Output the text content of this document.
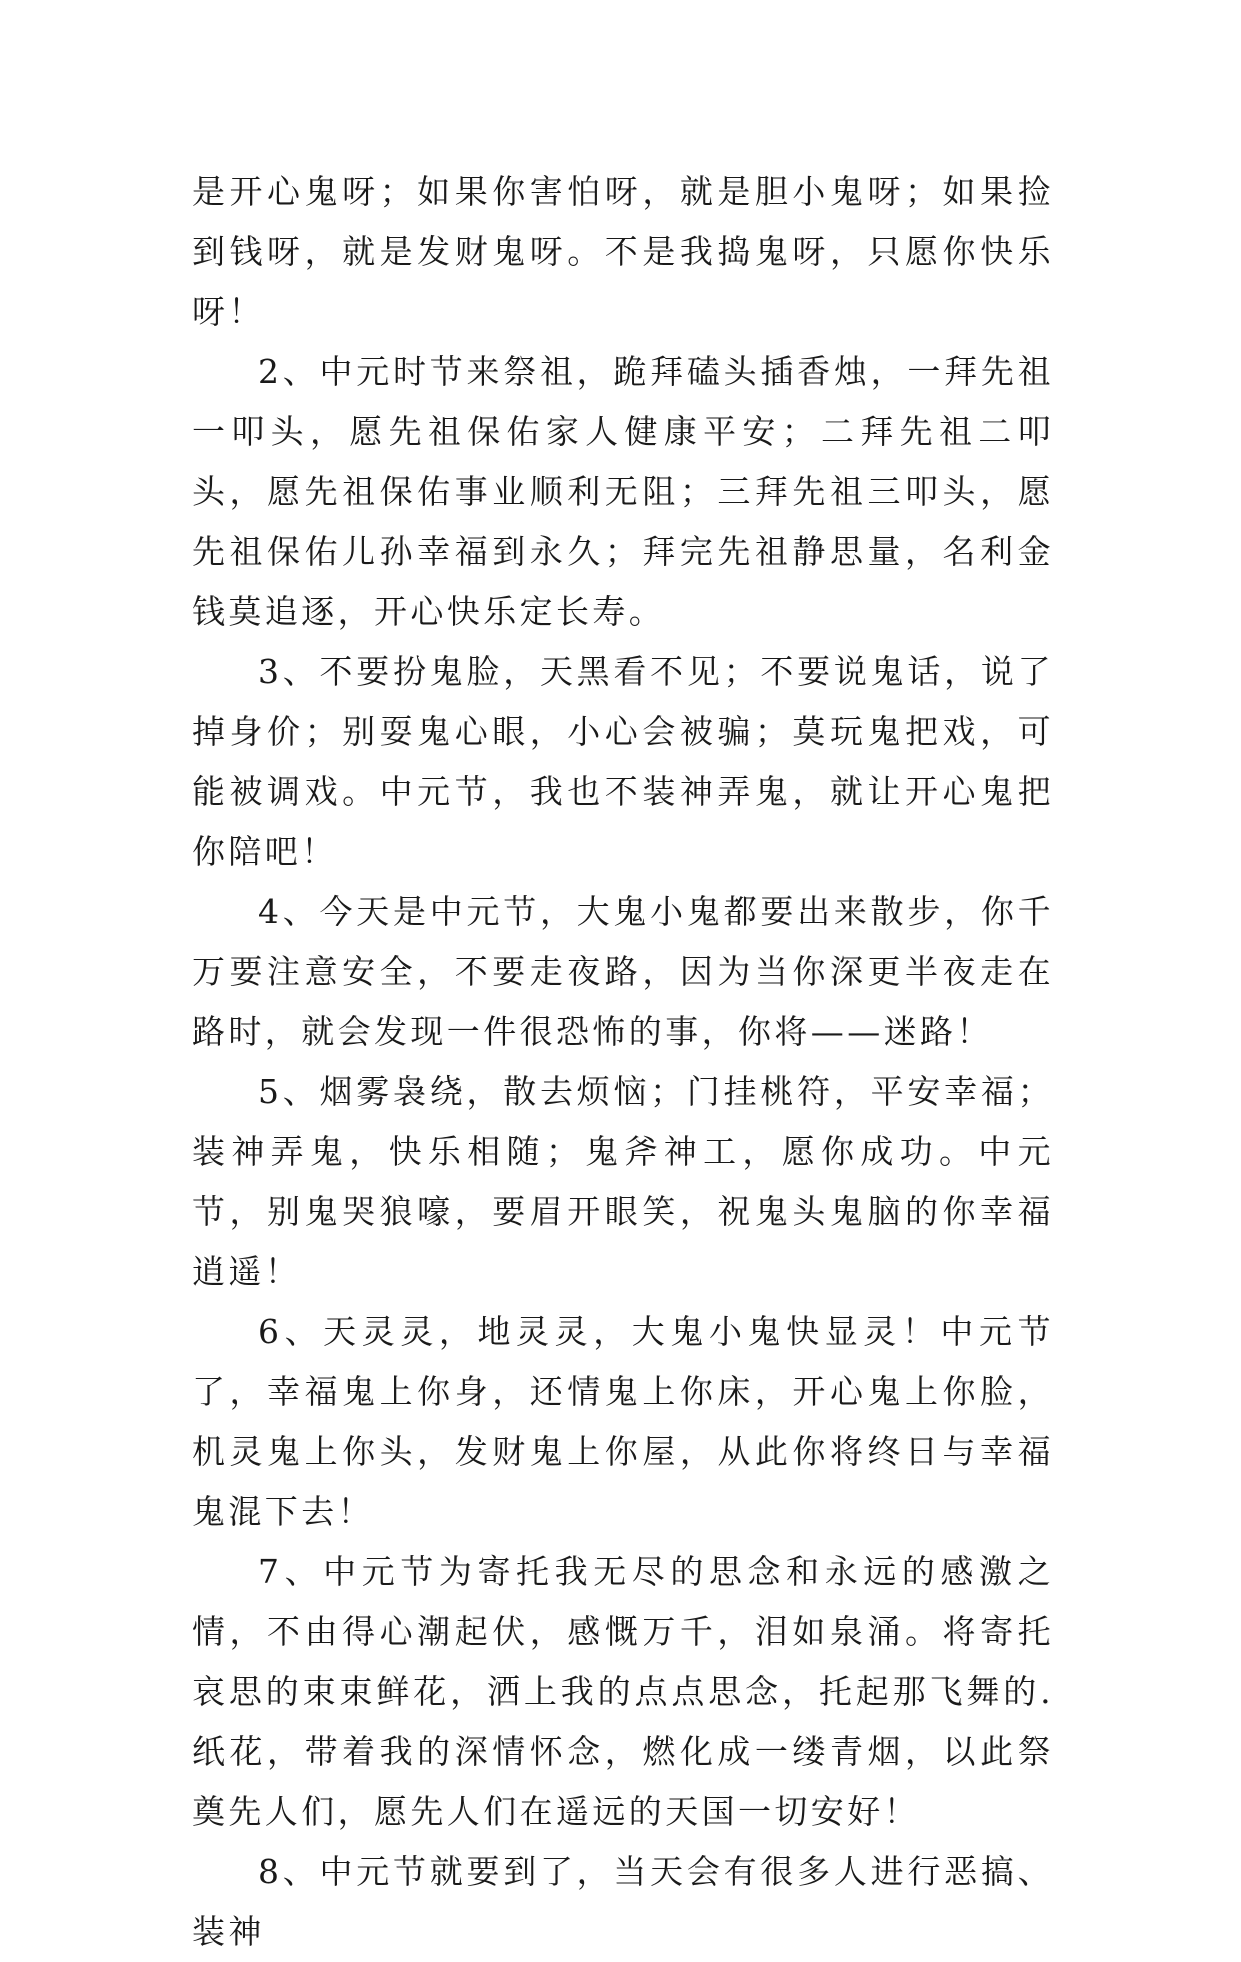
是开心鬼呀；如果你害怕呀，就是胆小鬼呀；如果捡到钱呀，就是发财鬼呀。不是我捣鬼呀，只愿你快乐呀！

2、中元时节来祭祖，跪拜磕头插香烛，一拜先祖一叩头，愿先祖保佑家人健康平安；二拜先祖二叩头，愿先祖保佑事业顺利无阻；三拜先祖三叩头，愿先祖保佑儿孙幸福到永久；拜完先祖静思量，名利金钱莫追逐，开心快乐定长寿。

3、不要扮鬼脸，天黑看不见；不要说鬼话，说了掉身价；别耍鬼心眼，小心会被骗；莫玩鬼把戏，可能被调戏。中元节，我也不装神弄鬼，就让开心鬼把你陪吧！

4、今天是中元节，大鬼小鬼都要出来散步，你千万要注意安全，不要走夜路，因为当你深更半夜走在路时，就会发现一件很恐怖的事，你将——迷路！

5、烟雾袅绕，散去烦恼；门挂桃符，平安幸福；装神弄鬼，快乐相随；鬼斧神工，愿你成功。中元节，别鬼哭狼嚎，要眉开眼笑，祝鬼头鬼脑的你幸福逍遥！

6、天灵灵，地灵灵，大鬼小鬼快显灵！中元节了，幸福鬼上你身，还情鬼上你床，开心鬼上你脸，机灵鬼上你头，发财鬼上你屋，从此你将终日与幸福鬼混下去！

7、中元节为寄托我无尽的思念和永远的感激之情，不由得心潮起伏，感慨万千，泪如泉涌。将寄托哀思的束束鲜花，洒上我的点点思念，托起那飞舞的.纸花，带着我的深情怀念，燃化成一缕青烟，以此祭奠先人们，愿先人们在遥远的天国一切安好！

8、中元节就要到了，当天会有很多人进行恶搞、装神
